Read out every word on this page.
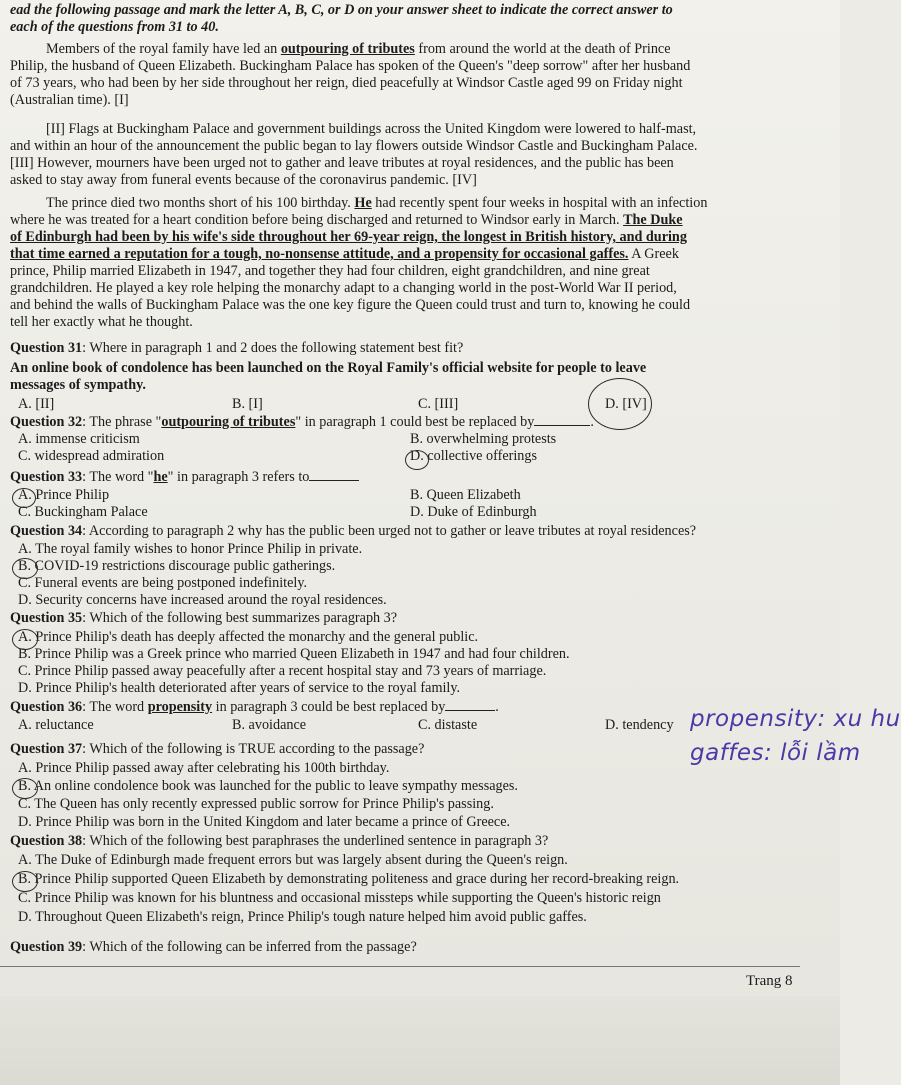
ead the following passage and mark the letter A, B, C, or D on your answer sheet to indicate the correct answer to
each of the questions from 31 to 40.
Members of the royal family have led an outpouring of tributes from around the world at the death of Prince
Philip, the husband of Queen Elizabeth. Buckingham Palace has spoken of the Queen's "deep sorrow" after her husband
of 73 years, who had been by her side throughout her reign, died peacefully at Windsor Castle aged 99 on Friday night
(Australian time). [I]
[II] Flags at Buckingham Palace and government buildings across the United Kingdom were lowered to half-mast,
and within an hour of the announcement the public began to lay flowers outside Windsor Castle and Buckingham Palace.
[III] However, mourners have been urged not to gather and leave tributes at royal residences, and the public has been
asked to stay away from funeral events because of the coronavirus pandemic. [IV]
The prince died two months short of his 100 birthday. He had recently spent four weeks in hospital with an infection
where he was treated for a heart condition before being discharged and returned to Windsor early in March. The Duke
of Edinburgh had been by his wife's side throughout her 69-year reign, the longest in British history, and during
that time earned a reputation for a tough, no-nonsense attitude, and a propensity for occasional gaffes. A Greek
prince, Philip married Elizabeth in 1947, and together they had four children, eight grandchildren, and nine great
grandchildren. He played a key role helping the monarchy adapt to a changing world in the post-World War II period,
and behind the walls of Buckingham Palace was the one key figure the Queen could trust and turn to, knowing he could
tell her exactly what he thought.
Question 31: Where in paragraph 1 and 2 does the following statement best fit?
An online book of condolence has been launched on the Royal Family's official website for people to leave
messages of sympathy.
A. [II]	B. [I]	C. [III]	D. [IV]
Question 32: The phrase "outpouring of tributes" in paragraph 1 could best be replaced by	.
A. immense criticism	B. overwhelming protests
C. widespread admiration	D. collective offerings
Question 33: The word "he" in paragraph 3 refers to
A. Prince Philip	B. Queen Elizabeth
C. Buckingham Palace	D. Duke of Edinburgh
Question 34: According to paragraph 2 why has the public been urged not to gather or leave tributes at royal residences?
A. The royal family wishes to honor Prince Philip in private.
B. COVID-19 restrictions discourage public gatherings.
C. Funeral events are being postponed indefinitely.
D. Security concerns have increased around the royal residences.
Question 35: Which of the following best summarizes paragraph 3?
A. Prince Philip's death has deeply affected the monarchy and the general public.
B. Prince Philip was a Greek prince who married Queen Elizabeth in 1947 and had four children.
C. Prince Philip passed away peacefully after a recent hospital stay and 73 years of marriage.
D. Prince Philip's health deteriorated after years of service to the royal family.
Question 36: The word propensity in paragraph 3 could be best replaced by	.
A. reluctance	B. avoidance	C. distaste	D. tendency propensity: xu hu
gaffes: lỗi lầm
Question 37: Which of the following is TRUE according to the passage?
A. Prince Philip passed away after celebrating his 100th birthday.
B. An online condolence book was launched for the public to leave sympathy messages.
C. The Queen has only recently expressed public sorrow for Prince Philip's passing.
D. Prince Philip was born in the United Kingdom and later became a prince of Greece.
Question 38: Which of the following best paraphrases the underlined sentence in paragraph 3?
A. The Duke of Edinburgh made frequent errors but was largely absent during the Queen's reign.
B. Prince Philip supported Queen Elizabeth by demonstrating politeness and grace during her record-breaking reign.
C. Prince Philip was known for his bluntness and occasional missteps while supporting the Queen's historic reign
D. Throughout Queen Elizabeth's reign, Prince Philip's tough nature helped him avoid public gaffes.
Question 39: Which of the following can be inferred from the passage?
Trang 8
